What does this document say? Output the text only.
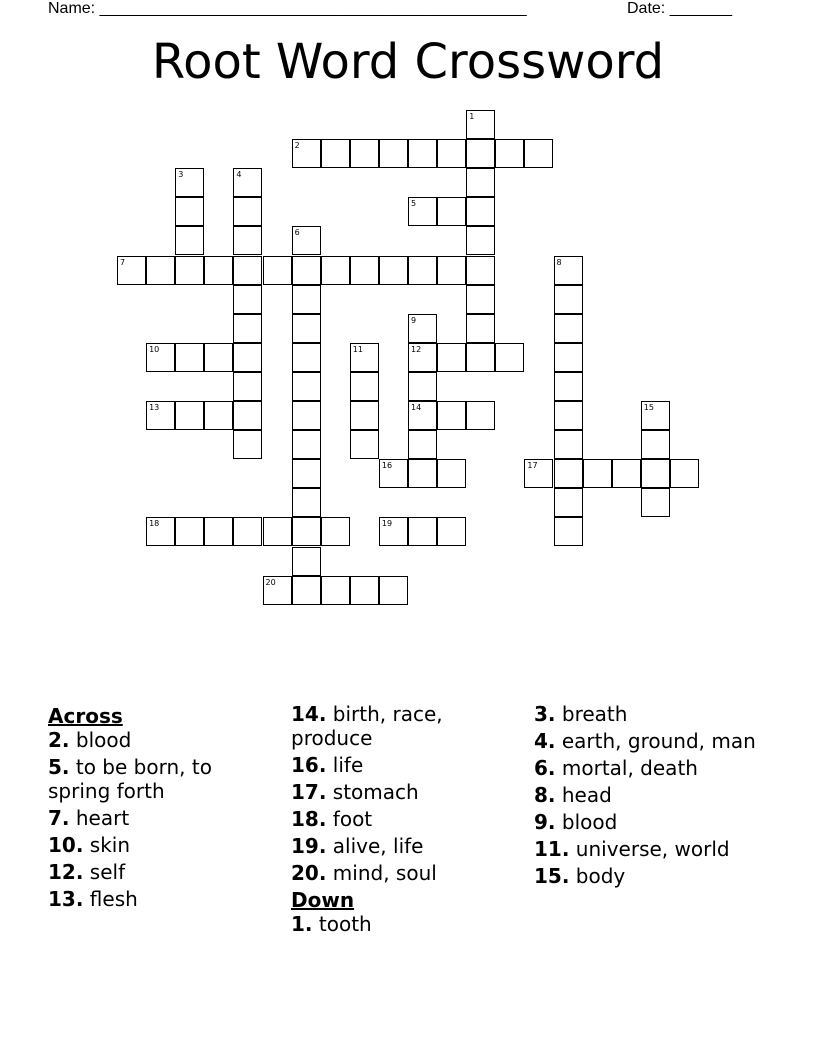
Name: ________________________________________________	Date: _______
Root Word Crossword
1
2
3	4
5
6
7	8
9
10	11	12
13	14	15
16	17
18	19
20
Across
2. blood
5. to be born, to spring forth
7. heart
10. skin
12. self
13. flesh
14. birth, race, produce
16. life
17. stomach
18. foot
19. alive, life
20. mind, soul
Down
1. tooth
3. breath
4. earth, ground, man
6. mortal, death
8. head
9. blood
11. universe, world
15. body
